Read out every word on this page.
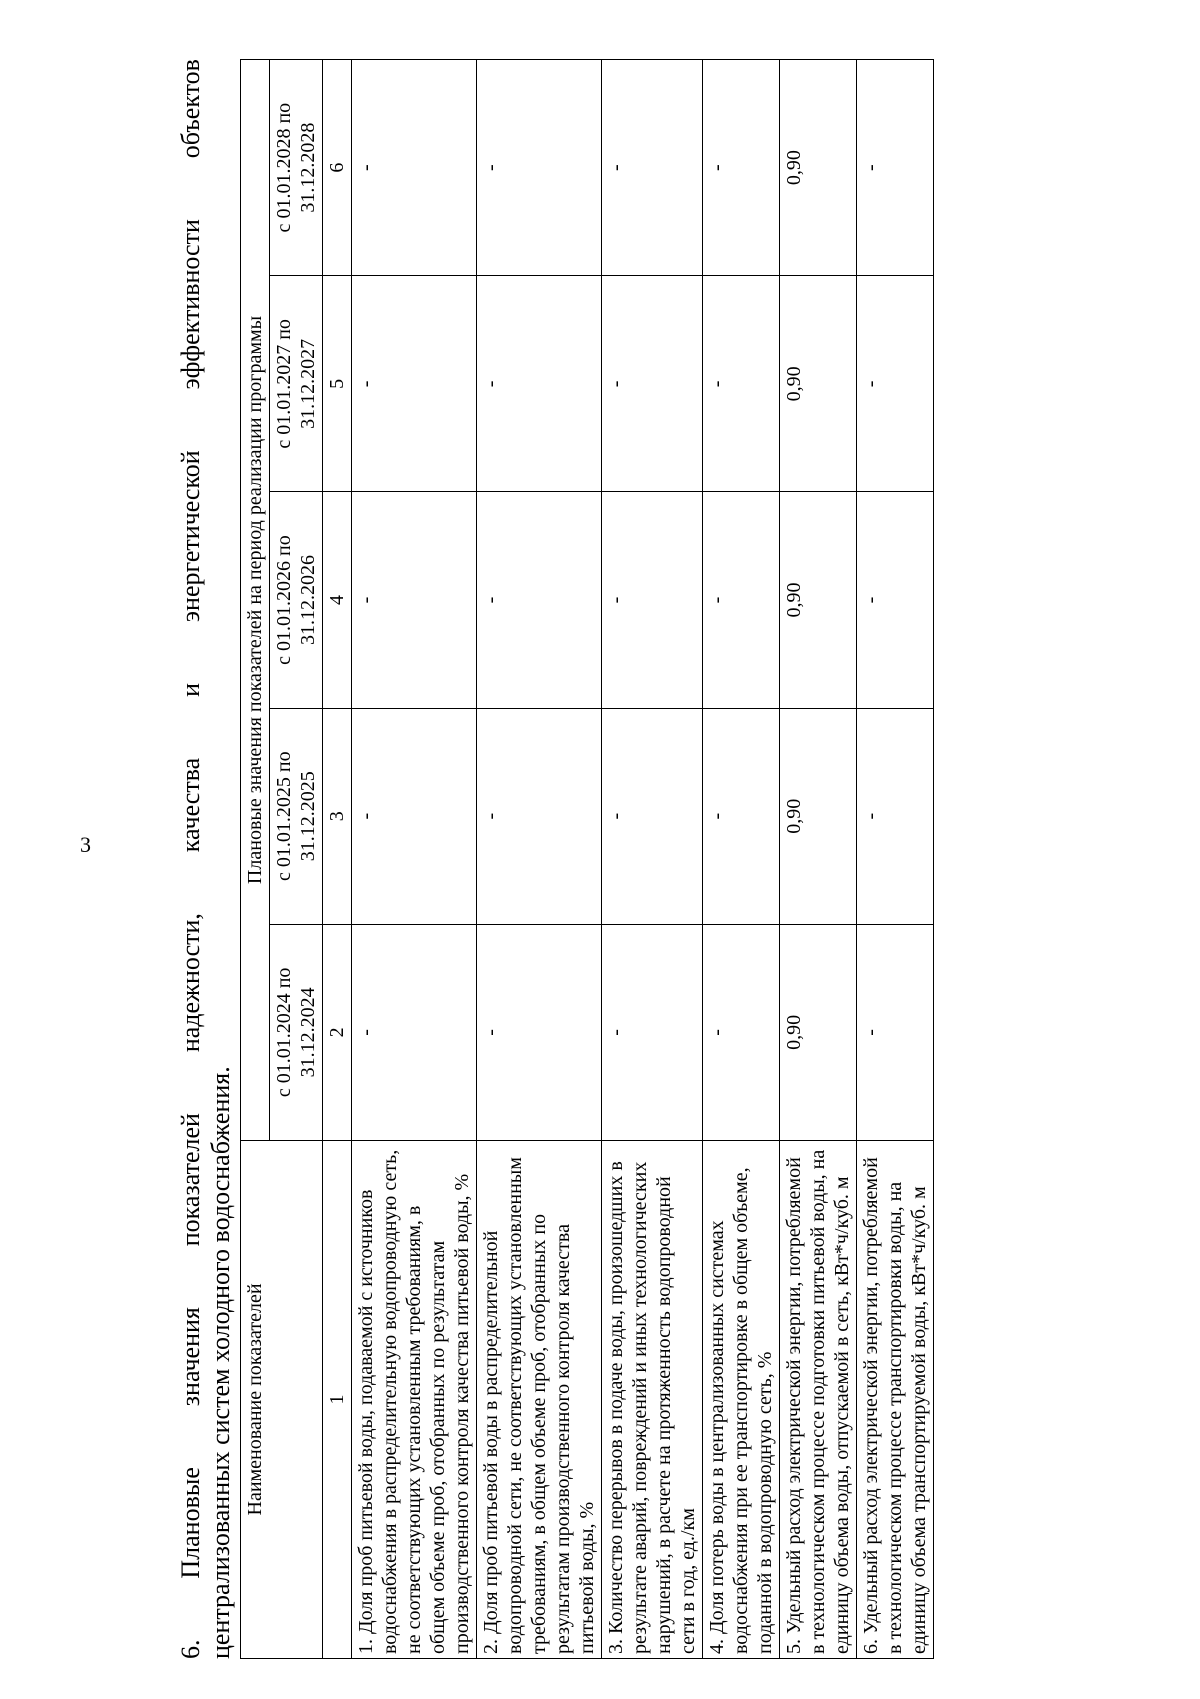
3
6.
Плановые
значения
показателей
надежности,
качества
и
энергетической
эффективности
объектов
централизованных систем холодного водоснабжения. Наименование показателей	Плановые значения показателей на период реализации программы				
	с 01.01.2024 по 31.12.2024	с 01.01.2025 по 31.12.2025	с 01.01.2026 по 31.12.2026	с 01.01.2027 по 31.12.2027	с 01.01.2028 по 31.12.2028
1	2	3	4	5	6
1. Доля проб питьевой воды, подаваемой с источников водоснабжения в распределительную водопроводную сеть, не соответствующих установленным требованиям, в общем объеме проб, отобранных по результатам производственного контроля качества питьевой воды, %	-	-	-	-	-
2. Доля проб питьевой воды в распределительной водопроводной сети, не соответствующих установленным требованиям, в общем объеме проб, отобранных по результатам производственного контроля качества питьевой воды, %	-	-	-	-	-
3. Количество перерывов в подаче воды, произошедших в результате аварий, повреждений и иных технологических нарушений, в расчете на протяженность водопроводной сети в год, ед./км	-	-	-	-	-
4. Доля потерь воды в централизованных системах водоснабжения при ее транспортировке в общем объеме, поданной в водопроводную сеть, %	-	-	-	-	-
5. Удельный расход электрической энергии, потребляемой в технологическом процессе подготовки питьевой воды, на единицу объема воды, отпускаемой в сеть, кВт*ч/куб. м	0,90	0,90	0,90	0,90	0,90
6. Удельный расход электрической энергии, потребляемой в технологическом процессе транспортировки воды, на единицу объема транспортируемой воды, кВт*ч/куб. м	-	-	-	-	-
